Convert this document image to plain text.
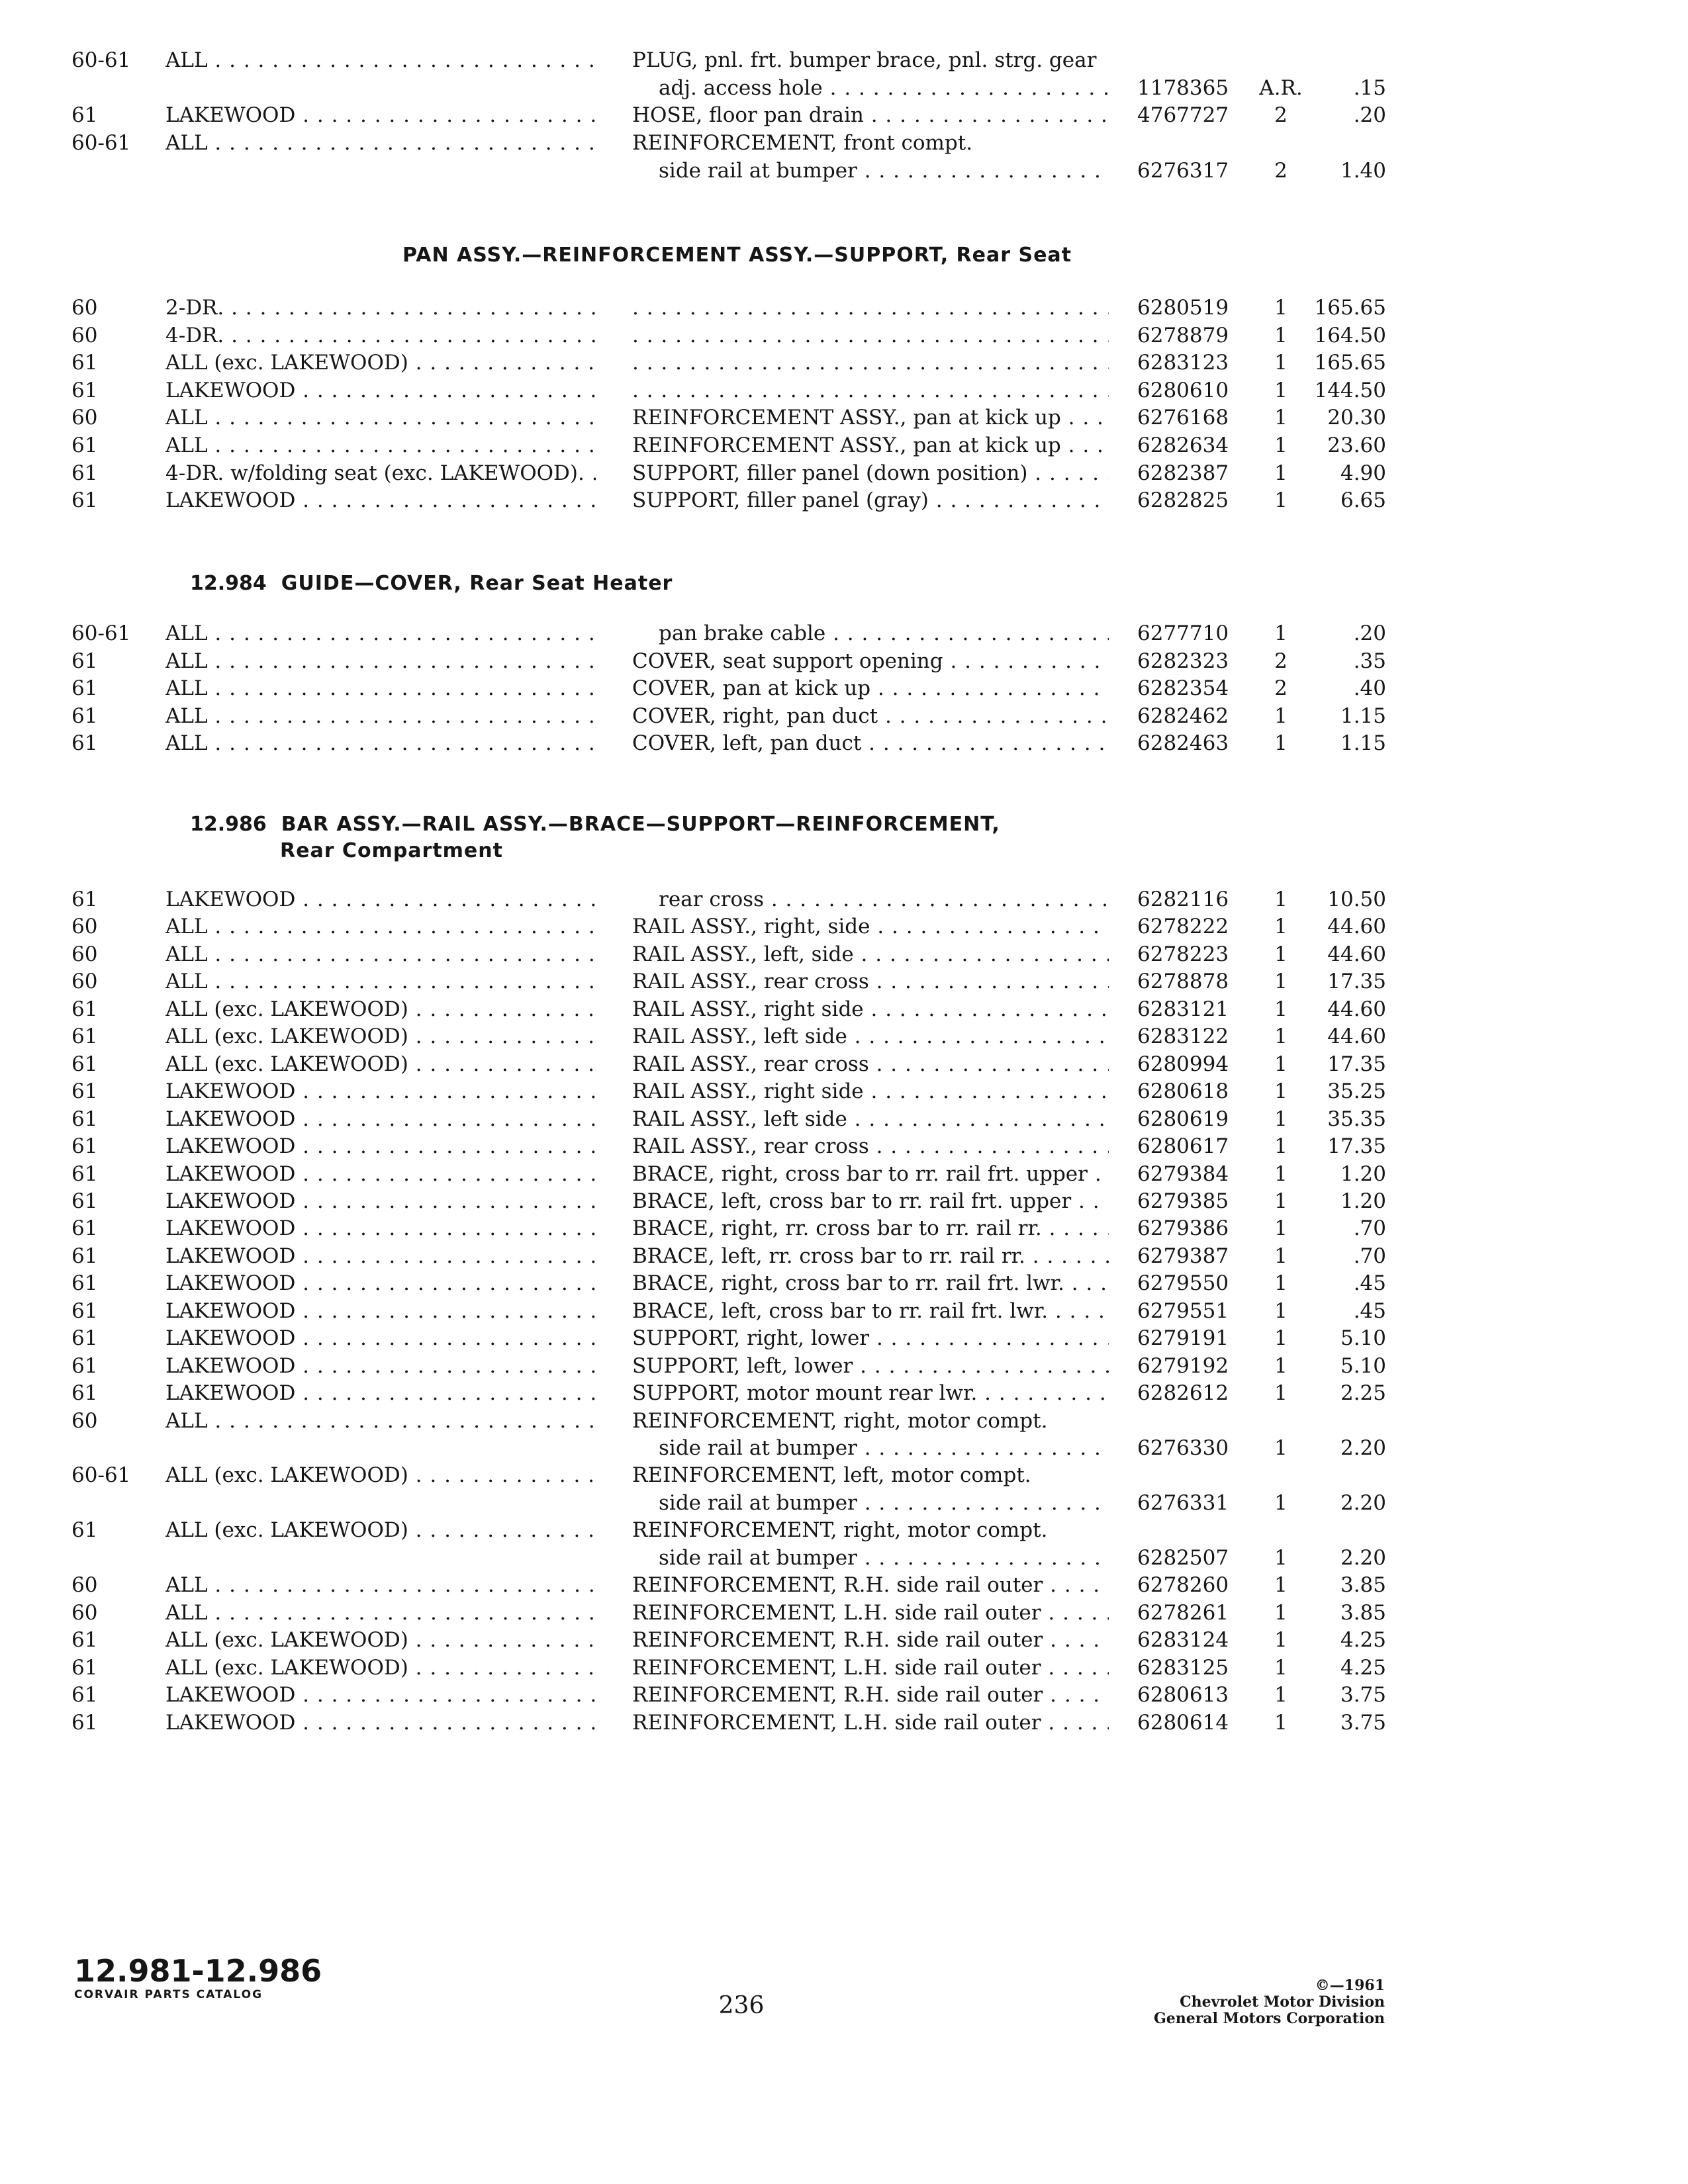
60-61	ALL . . .	PLUG, pnl. frt. bumper brace, pnl. strg. gear
adj. access hole . . .	1178365	A.R.	.15
61	LAKEWOOD . . .	HOSE, floor pan drain . . .	4767727	2	.20
60-61	ALL . . .	REINFORCEMENT, front compt.
side rail at bumper . . .	6276317	2	1.40
PAN ASSY.—REINFORCEMENT ASSY.—SUPPORT, Rear Seat
60	2-DR. . . . . . .	6280519	1	165.65
60	4-DR. . . . . . .	6278879	1	164.50
61	ALL (exc. LAKEWOOD) . . . . . .	6283123	1	165.65
61	LAKEWOOD . . . . . .	6280610	1	144.50
60	ALL . . .	REINFORCEMENT ASSY., pan at kick up . . .	6276168	1	20.30
61	ALL . . .	REINFORCEMENT ASSY., pan at kick up . . .	6282634	1	23.60
61	4-DR. w/folding seat (exc. LAKEWOOD). . . .	SUPPORT, filler panel (down position) . . .	6282387	1	4.90
61	LAKEWOOD . . .	SUPPORT, filler panel (gray) . . .	6282825	1	6.65
12.984 GUIDE—COVER, Rear Seat Heater
60-61	ALL . . .	pan brake cable . . .	6277710	1	.20
61	ALL . . .	COVER, seat support opening . . .	6282323	2	.35
61	ALL . . .	COVER, pan at kick up . . .	6282354	2	.40
61	ALL . . .	COVER, right, pan duct . . .	6282462	1	1.15
61	ALL . . .	COVER, left, pan duct . . .	6282463	1	1.15
12.986 BAR ASSY.—RAIL ASSY.—BRACE—SUPPORT—REINFORCEMENT,
Rear Compartment
61	LAKEWOOD . . .	rear cross . . .	6282116	1	10.50
60	ALL . . .	RAIL ASSY., right, side . . .	6278222	1	44.60
60	ALL . . .	RAIL ASSY., left, side . . .	6278223	1	44.60
60	ALL . . .	RAIL ASSY., rear cross . . .	6278878	1	17.35
61	ALL (exc. LAKEWOOD) . . .	RAIL ASSY., right side . . .	6283121	1	44.60
61	ALL (exc. LAKEWOOD) . . .	RAIL ASSY., left side . . .	6283122	1	44.60
61	ALL (exc. LAKEWOOD) . . .	RAIL ASSY., rear cross . . .	6280994	1	17.35
61	LAKEWOOD . . .	RAIL ASSY., right side . . .	6280618	1	35.25
61	LAKEWOOD . . .	RAIL ASSY., left side . . .	6280619	1	35.35
61	LAKEWOOD . . .	RAIL ASSY., rear cross . . .	6280617	1	17.35
61	LAKEWOOD . . .	BRACE, right, cross bar to rr. rail frt. upper . . .	6279384	1	1.20
61	LAKEWOOD . . .	BRACE, left, cross bar to rr. rail frt. upper . . .	6279385	1	1.20
61	LAKEWOOD . . .	BRACE, right, rr. cross bar to rr. rail rr. . . .	6279386	1	.70
61	LAKEWOOD . . .	BRACE, left, rr. cross bar to rr. rail rr. . . .	6279387	1	.70
61	LAKEWOOD . . .	BRACE, right, cross bar to rr. rail frt. lwr. . . .	6279550	1	.45
61	LAKEWOOD . . .	BRACE, left, cross bar to rr. rail frt. lwr. . . .	6279551	1	.45
61	LAKEWOOD . . .	SUPPORT, right, lower . . .	6279191	1	5.10
61	LAKEWOOD . . .	SUPPORT, left, lower . . .	6279192	1	5.10
61	LAKEWOOD . . .	SUPPORT, motor mount rear lwr. . . .	6282612	1	2.25
60	ALL . . .	REINFORCEMENT, right, motor compt.
side rail at bumper . . .	6276330	1	2.20
60-61	ALL (exc. LAKEWOOD) . . .	REINFORCEMENT, left, motor compt.
side rail at bumper . . .	6276331	1	2.20
61	ALL (exc. LAKEWOOD) . . .	REINFORCEMENT, right, motor compt.
side rail at bumper . . .	6282507	1	2.20
60	ALL . . .	REINFORCEMENT, R.H. side rail outer . . .	6278260	1	3.85
60	ALL . . .	REINFORCEMENT, L.H. side rail outer . . .	6278261	1	3.85
61	ALL (exc. LAKEWOOD) . . .	REINFORCEMENT, R.H. side rail outer . . .	6283124	1	4.25
61	ALL (exc. LAKEWOOD) . . .	REINFORCEMENT, L.H. side rail outer . . .	6283125	1	4.25
61	LAKEWOOD . . .	REINFORCEMENT, R.H. side rail outer . . .	6280613	1	3.75
61	LAKEWOOD . . .	REINFORCEMENT, L.H. side rail outer . . .	6280614	1	3.75
12.981-12.986
CORVAIR PARTS CATALOG	236
©—1961
Chevrolet Motor Division
General Motors Corporation
